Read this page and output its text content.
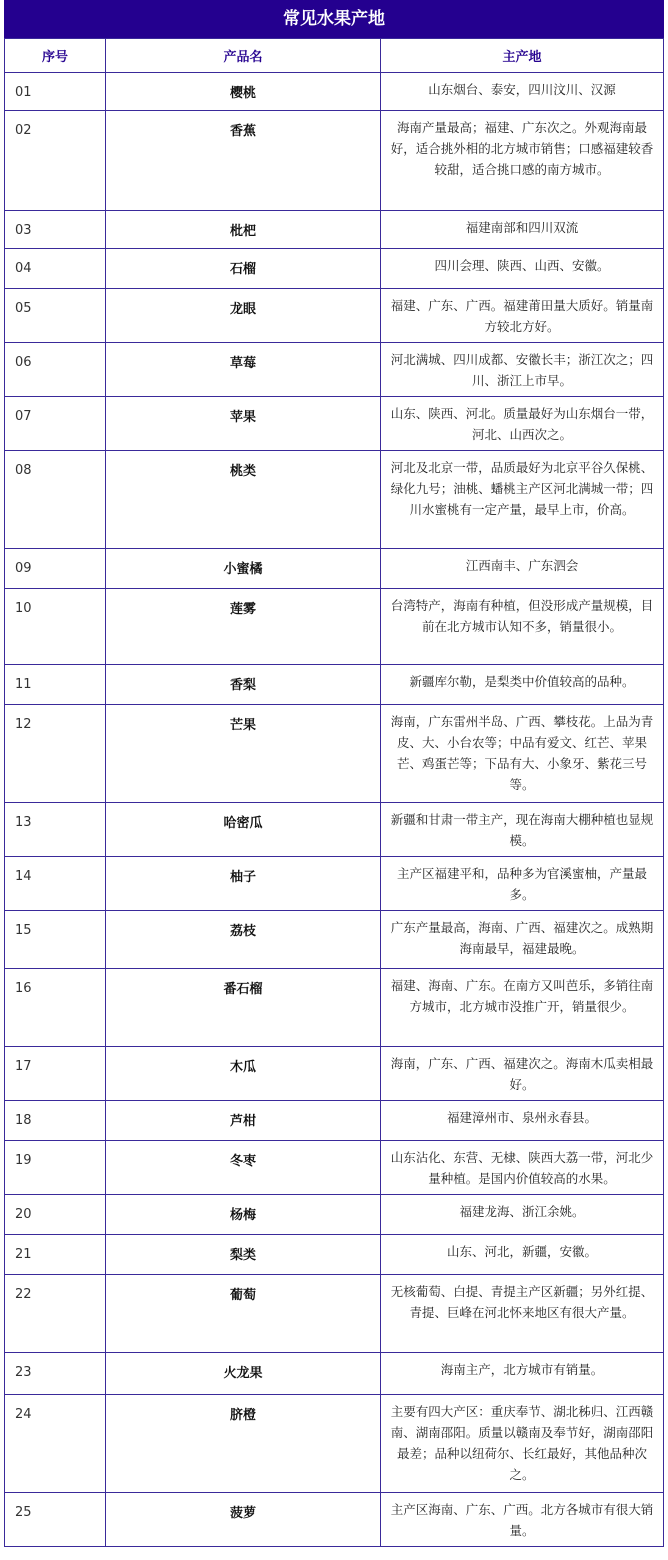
常见水果产地
序号	产品名	主产地
01	樱桃	山东烟台、泰安，四川汶川、汉源
02	香蕉	海南产量最高；福建、广东次之。外观海南最好，适合挑外相的北方城市销售；口感福建较香较甜，适合挑口感的南方城市。
03	枇杷	福建南部和四川双流
04	石榴	四川会理、陕西、山西、安徽。
05	龙眼	福建、广东、广西。福建莆田量大质好。销量南方较北方好。
06	草莓	河北满城、四川成都、安徽长丰；浙江次之；四川、浙江上市早。
07	苹果	山东、陕西、河北。质量最好为山东烟台一带，河北、山西次之。
08	桃类	河北及北京一带，品质最好为北京平谷久保桃、绿化九号；油桃、蟠桃主产区河北满城一带；四川水蜜桃有一定产量，最早上市，价高。
09	小蜜橘	江西南丰、广东泗会
10	莲雾	台湾特产，海南有种植，但没形成产量规模，目前在北方城市认知不多，销量很小。
11	香梨	新疆库尔勒，是梨类中价值较高的品种。
12	芒果	海南，广东雷州半岛、广西、攀枝花。上品为青皮、大、小台农等；中品有爱文、红芒、苹果芒、鸡蛋芒等；下品有大、小象牙、紫花三号等。
13	哈密瓜	新疆和甘肃一带主产，现在海南大棚种植也显规模。
14	柚子	主产区福建平和，品种多为官溪蜜柚，产量最多。
15	荔枝	广东产量最高，海南、广西、福建次之。成熟期海南最早，福建最晚。
16	番石榴	福建、海南、广东。在南方又叫芭乐，多销往南方城市，北方城市没推广开，销量很少。
17	木瓜	海南，广东、广西、福建次之。海南木瓜卖相最好。
18	芦柑	福建漳州市、泉州永春县。
19	冬枣	山东沾化、东营、无棣、陕西大荔一带，河北少量种植。是国内价值较高的水果。
20	杨梅	福建龙海、浙江余姚。
21	梨类	山东、河北，新疆，安徽。
22	葡萄	无核葡萄、白提、青提主产区新疆；另外红提、青提、巨峰在河北怀来地区有很大产量。
23	火龙果	海南主产，北方城市有销量。
24	脐橙	主要有四大产区：重庆奉节、湖北秭归、江西赣南、湖南邵阳。质量以赣南及奉节好，湖南邵阳最差；品种以纽荷尔、长红最好，其他品种次之。
25	菠萝	主产区海南、广东、广西。北方各城市有很大销量。
